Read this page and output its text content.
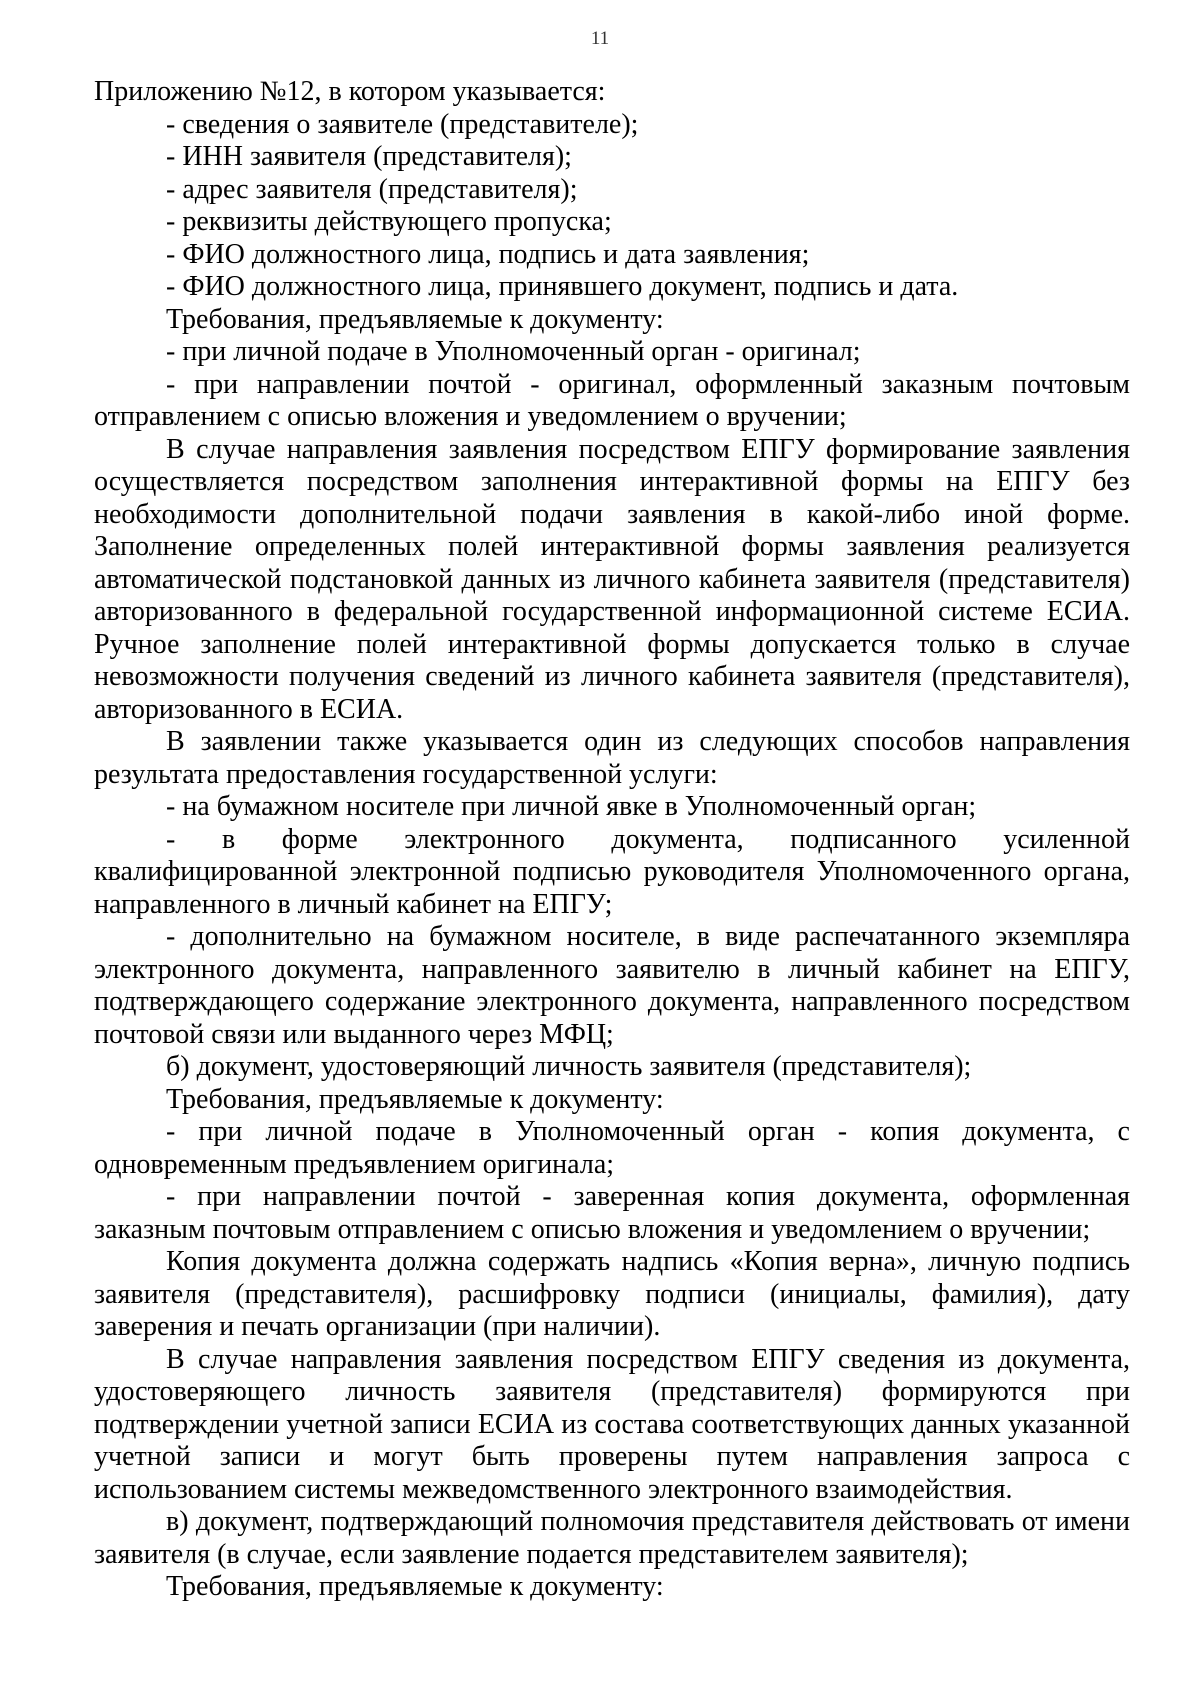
11

Приложению №12, в котором указывается:

- сведения о заявителе (представителе);

- ИНН заявителя (представителя);

- адрес заявителя (представителя);

- реквизиты действующего пропуска;

- ФИО должностного лица, подпись и дата заявления;

- ФИО должностного лица, принявшего документ, подпись и дата.

Требования, предъявляемые к документу:

- при личной подаче в Уполномоченный орган - оригинал;

- при направлении почтой - оригинал, оформленный заказным почтовым отправлением с описью вложения и уведомлением о вручении;

В случае направления заявления посредством ЕПГУ формирование заявления осуществляется посредством заполнения интерактивной формы на ЕПГУ без необходимости дополнительной подачи заявления в какой-либо иной форме. Заполнение определенных полей интерактивной формы заявления реализуется автоматической подстановкой данных из личного кабинета заявителя (представителя) авторизованного в федеральной государственной информационной системе ЕСИА. Ручное заполнение полей интерактивной формы допускается только в случае невозможности получения сведений из личного кабинета заявителя (представителя), авторизованного в ЕСИА.

В заявлении также указывается один из следующих способов направления результата предоставления государственной услуги:

- на бумажном носителе при личной явке в Уполномоченный орган;

- в форме электронного документа, подписанного усиленной квалифицированной электронной подписью руководителя Уполномоченного органа, направленного в личный кабинет на ЕПГУ;

- дополнительно на бумажном носителе, в виде распечатанного экземпляра электронного документа, направленного заявителю в личный кабинет на ЕПГУ, подтверждающего содержание электронного документа, направленного посредством почтовой связи или выданного через МФЦ;

б) документ, удостоверяющий личность заявителя (представителя);

Требования, предъявляемые к документу:

- при личной подаче в Уполномоченный орган - копия документа, с одновременным предъявлением оригинала;

- при направлении почтой - заверенная копия документа, оформленная заказным почтовым отправлением с описью вложения и уведомлением о вручении;

Копия документа должна содержать надпись «Копия верна», личную подпись заявителя (представителя), расшифровку подписи (инициалы, фамилия), дату заверения и печать организации (при наличии).

В случае направления заявления посредством ЕПГУ сведения из документа, удостоверяющего личность заявителя (представителя) формируются при подтверждении учетной записи ЕСИА из состава соответствующих данных указанной учетной записи и могут быть проверены путем направления запроса с использованием системы межведомственного электронного взаимодействия.

в) документ, подтверждающий полномочия представителя действовать от имени заявителя (в случае, если заявление подается представителем заявителя);

Требования, предъявляемые к документу:
